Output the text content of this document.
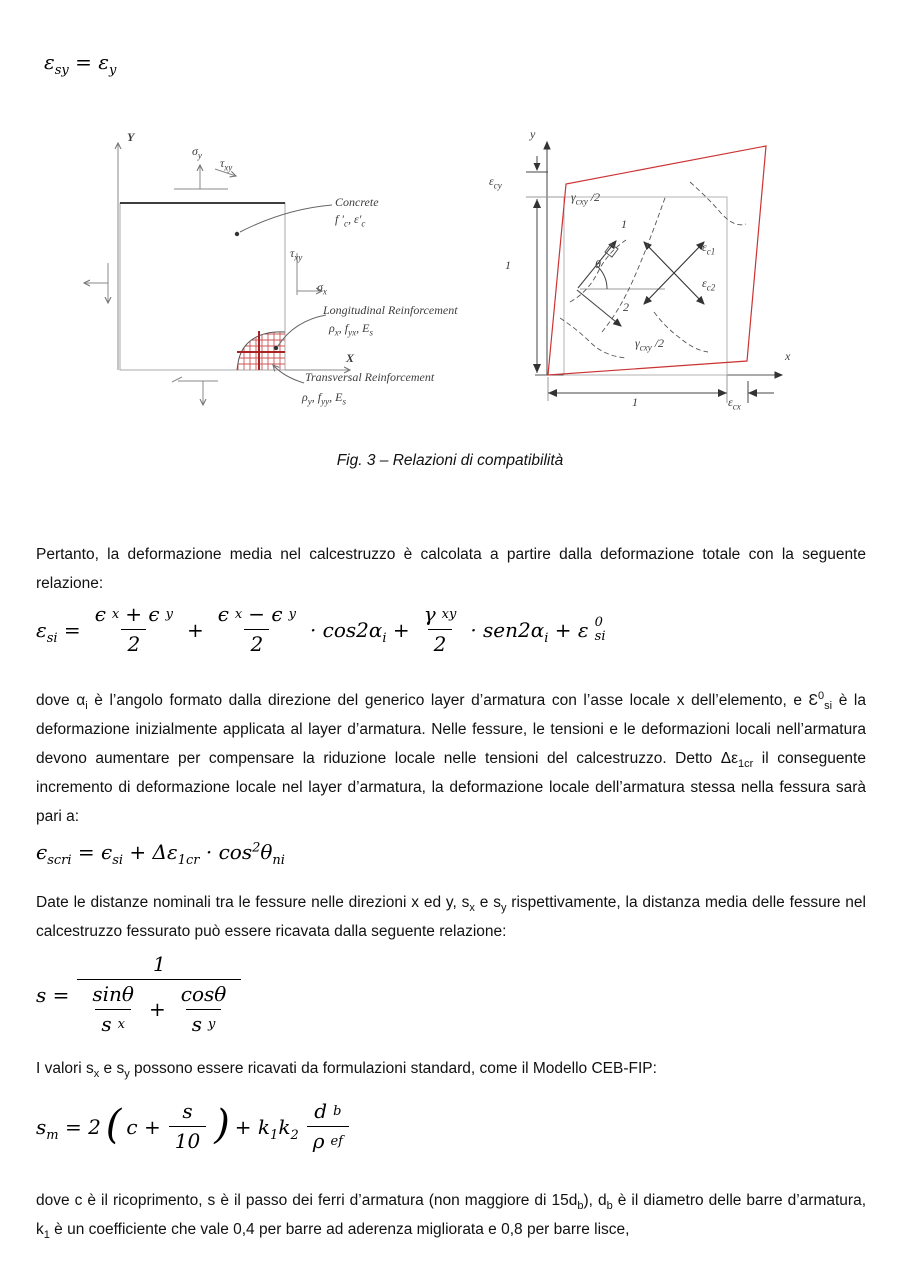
$\varepsilon_{sy} = \varepsilon_y$
Y
$\sigma_y$
$\tau_{xy}$
Concrete
f $'_c$, $\varepsilon'_c$
$\tau_{xy}$
$\sigma_x$
Longitudinal Reinforcement
$\rho_x$, $f_{yx}$, $E_s$
X
Transversal Reinforcement
$\rho_y$, $f_{yy}$, $E_s$
y
$\varepsilon_{cy}$
$\gamma_{cxy}$ /2
1
1
θ
$\varepsilon_{c1}$
$\varepsilon_{c2}$
2
$\gamma_{cxy}$ /2
x
1	$\varepsilon_{cx}$
Fig. 3 – Relazioni di compatibilità

Pertanto, la deformazione media nel calcestruzzo è calcolata a partire dalla deformazione totale con la seguente relazione:

$\varepsilon_{si} = \frac{\text{ϵ x + ϵ y}}{2} + \frac{\text{ϵ x − ϵ y}}{2} \cdot \cos 2\alpha_i + \frac{\text{γ xy}}{2} \cdot sen2\alpha_i + \varepsilon$ 0
si

dove $\alpha_i$ è l’angolo formato dalla direzione del generico layer d’armatura con l’asse locale x dell’elemento, e $Ɛ^0_{si}$ è la deformazione inizialmente applicata al layer d’armatura. Nelle fessure, le tensioni e le deformazioni locali nell’armatura devono aumentare per compensare la riduzione locale nelle tensioni del calcestruzzo. Detto $\Delta\varepsilon_{1cr}$ il conseguente incremento di deformazione locale nel layer d’armatura, la deformazione locale dell’armatura stessa nella fessura sarà pari a:

$\epsilon_{scri} = \epsilon_{si} + \Delta\varepsilon_{1cr} \cdot \cos^2\theta_{ni}$

Date le distanze nominali tra le fessure nelle direzioni x ed y, $s_x$ e $s_y$ rispettivamente, la distanza media delle fessure nel calcestruzzo fessurato può essere ricavata dalla seguente relazione:

s =
1
$\frac{\sin\theta}{\text{s x}} + \frac{\cos\theta}{\text{s y}}$

I valori $s_x$ e $s_y$ possono essere ricavati da formulazioni standard, come il Modello CEB-FIP:

$s_m = 2$ ( $c + \frac{s}{10}$ ) + $k_1k_2 \frac{\text{d b}}{\text{ρ ef}}$

dove c è il ricoprimento, s è il passo dei ferri d’armatura (non maggiore di $15d_b$), $d_b$ è il diametro delle barre d’armatura, $k_1$ è un coefficiente che vale 0,4 per barre ad aderenza migliorata e 0,8 per barre lisce,
